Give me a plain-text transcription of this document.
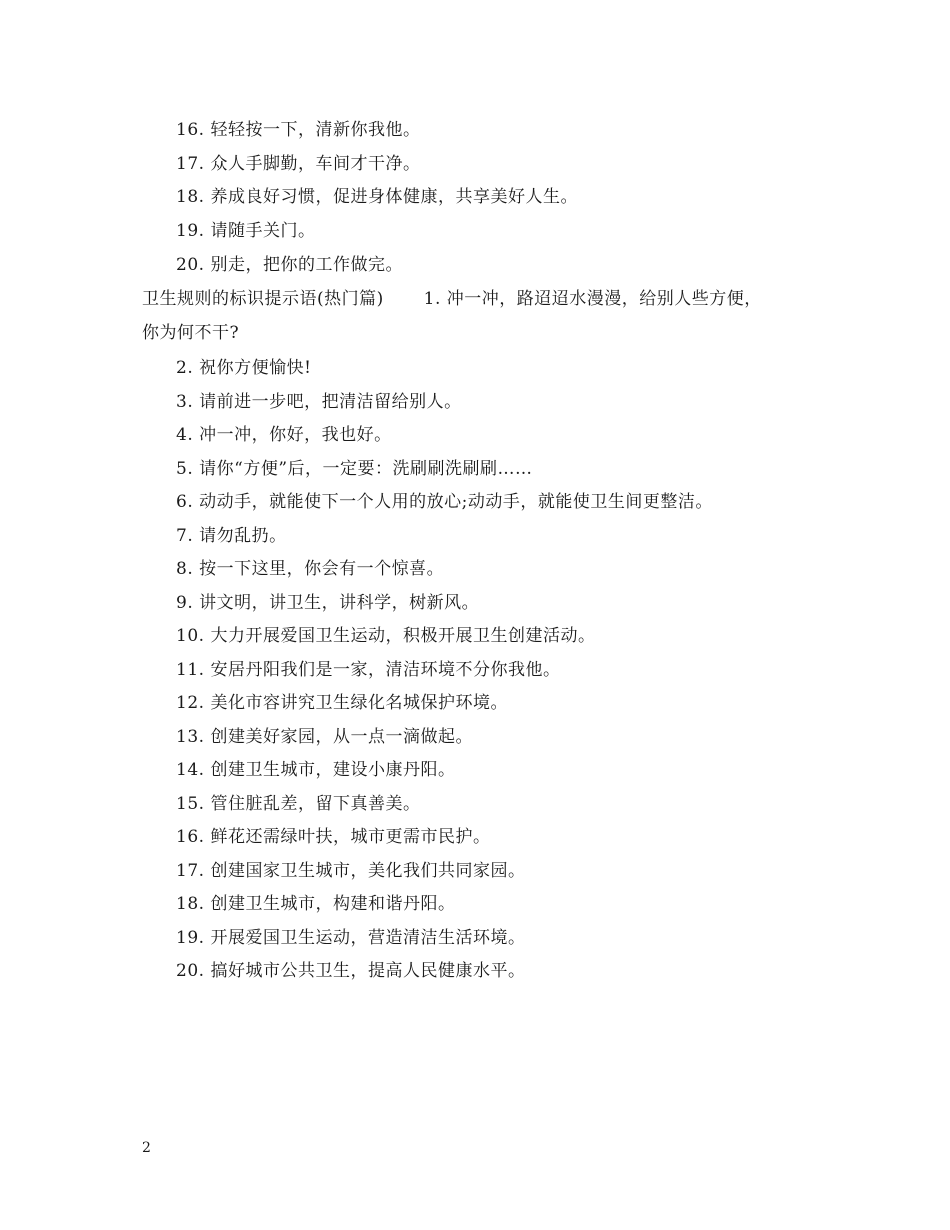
16. 轻轻按一下，清新你我他。
17. 众人手脚勤，车间才干净。
18. 养成良好习惯，促进身体健康，共享美好人生。
19. 请随手关门。
20. 别走，把你的工作做完。
卫生规则的标识提示语(热门篇) 1. 冲一冲，路迢迢水漫漫，给别人些方便，
你为何不干?
2. 祝你方便愉快!
3. 请前进一步吧，把清洁留给别人。
4. 冲一冲，你好，我也好。
5. 请你“方便”后，一定要：洗刷刷洗刷刷……
6. 动动手，就能使下一个人用的放心;动动手，就能使卫生间更整洁。
7. 请勿乱扔。
8. 按一下这里，你会有一个惊喜。
9. 讲文明，讲卫生，讲科学，树新风。
10. 大力开展爱国卫生运动，积极开展卫生创建活动。
11. 安居丹阳我们是一家，清洁环境不分你我他。
12. 美化市容讲究卫生绿化名城保护环境。
13. 创建美好家园，从一点一滴做起。
14. 创建卫生城市，建设小康丹阳。
15. 管住脏乱差，留下真善美。
16. 鲜花还需绿叶扶，城市更需市民护。
17. 创建国家卫生城市，美化我们共同家园。
18. 创建卫生城市，构建和谐丹阳。
19. 开展爱国卫生运动，营造清洁生活环境。
20. 搞好城市公共卫生，提高人民健康水平。
2
